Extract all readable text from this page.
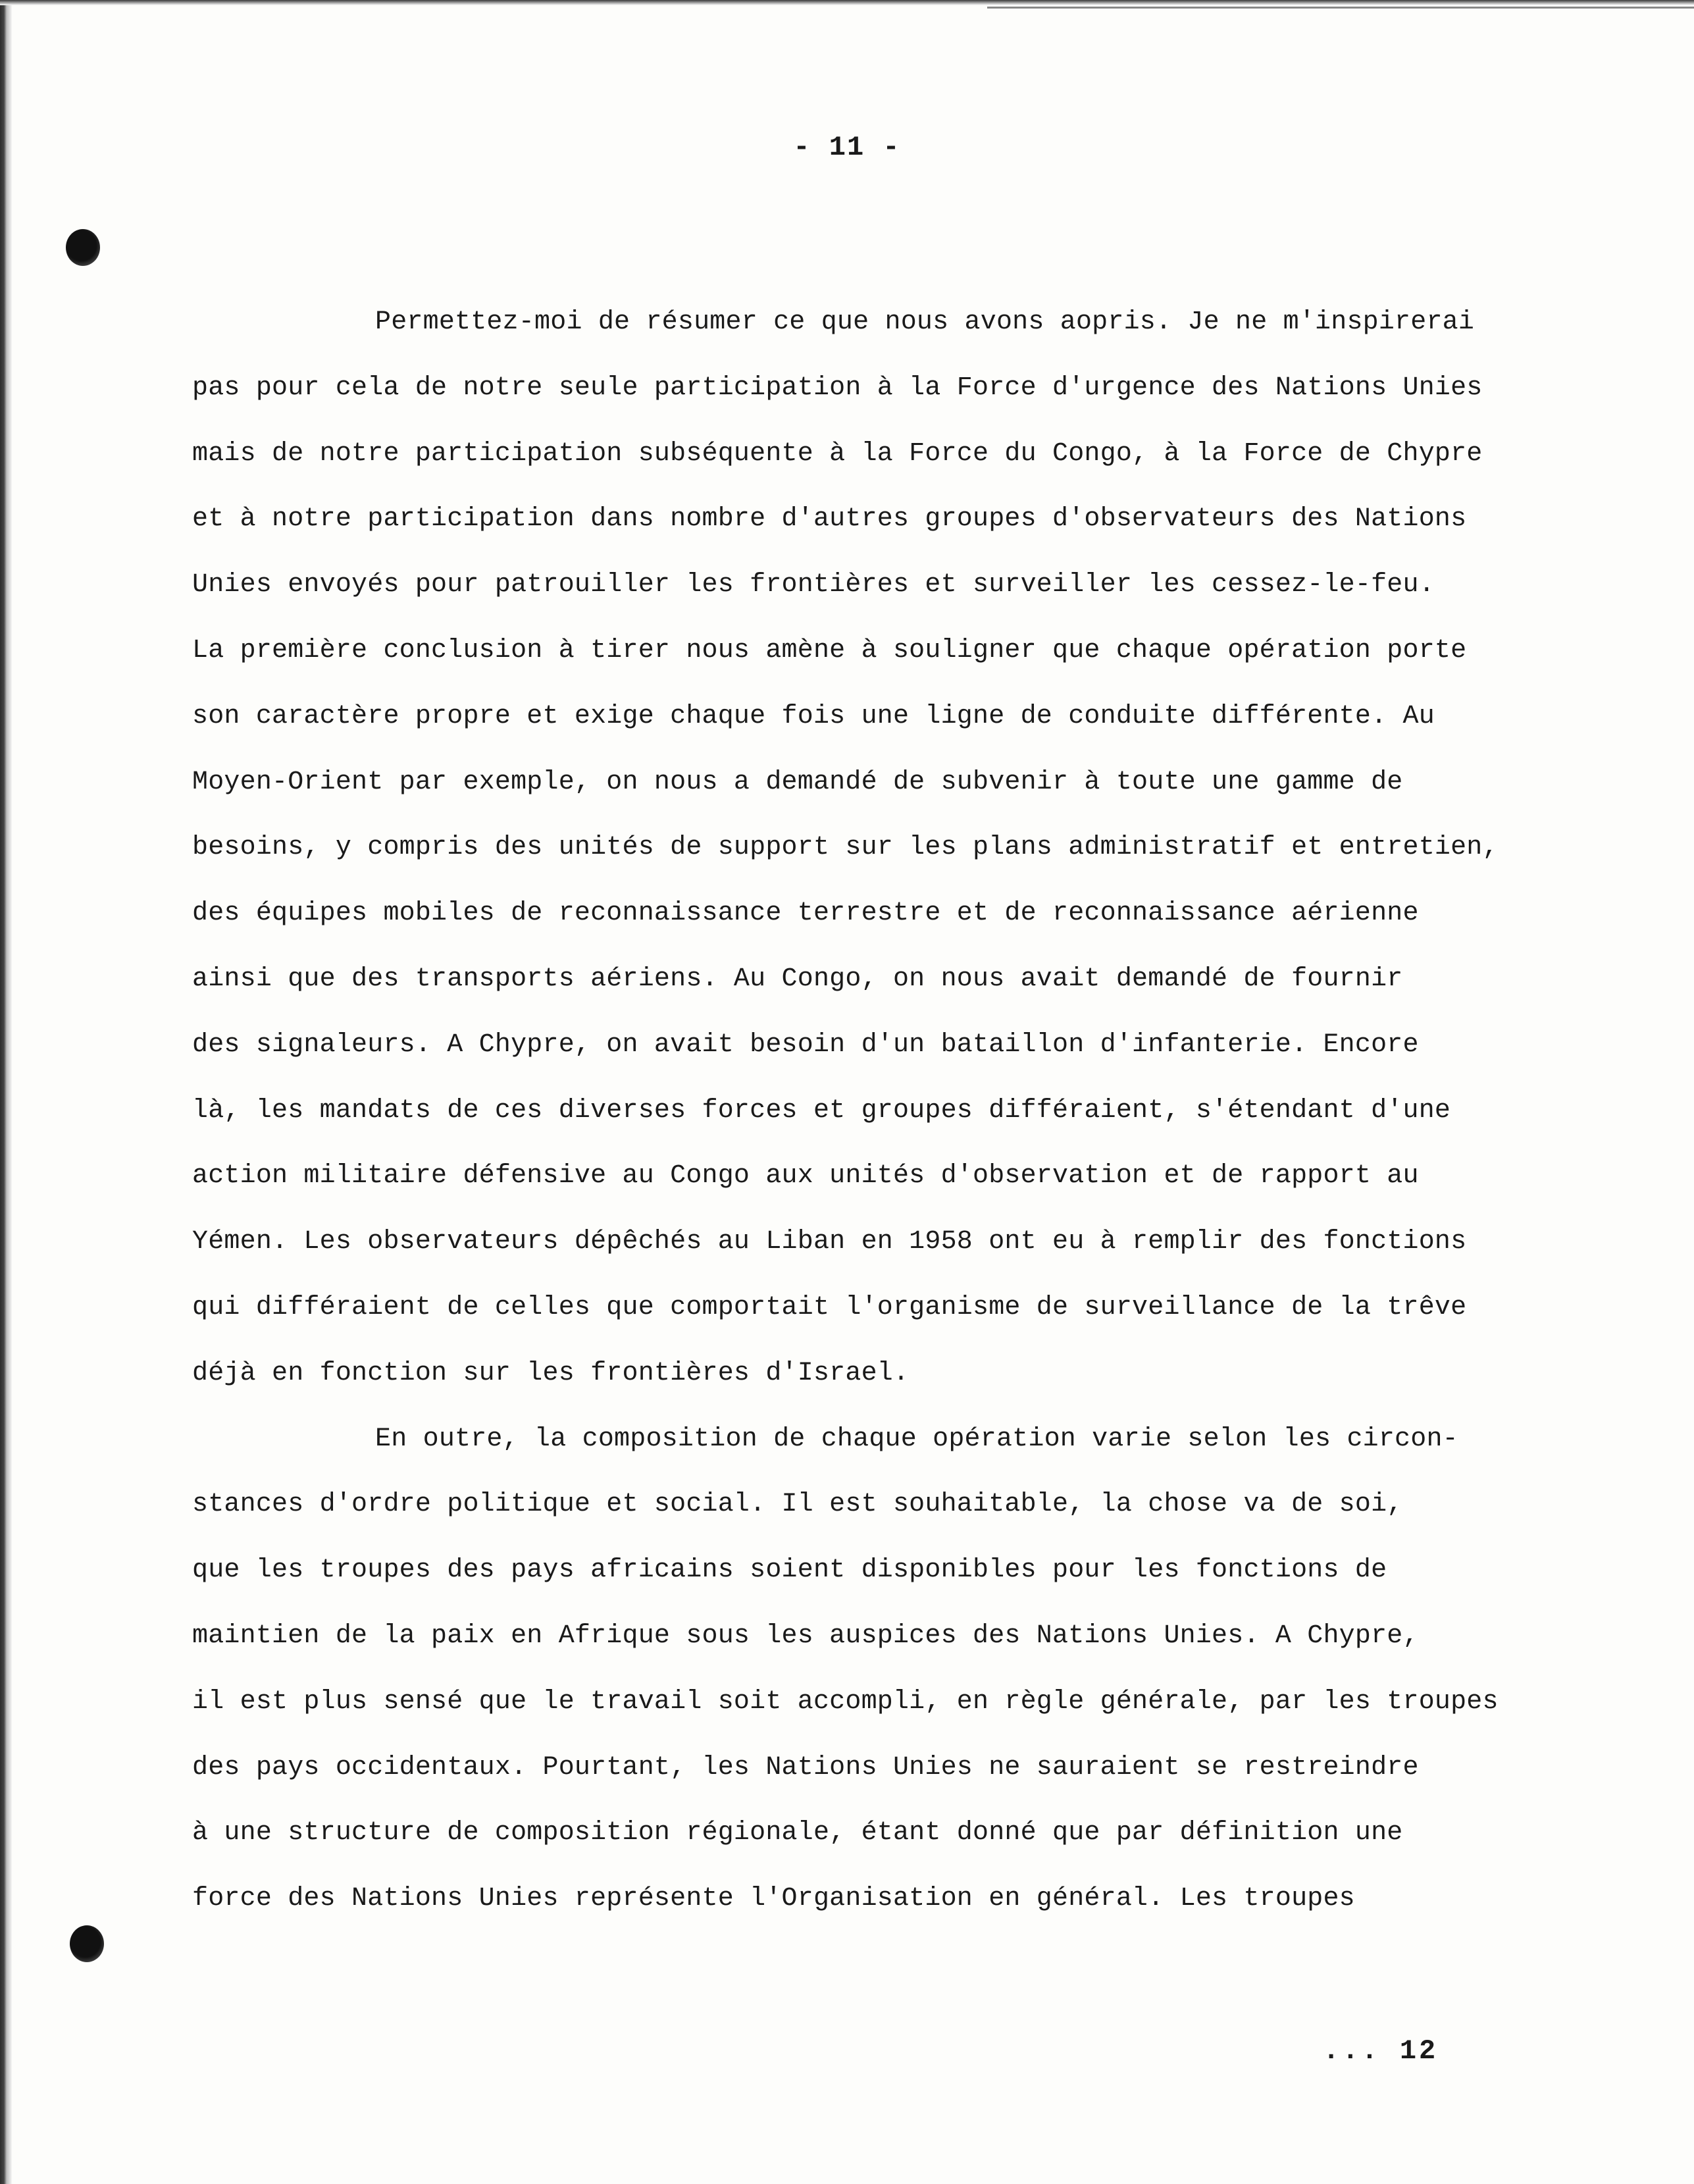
- 11 -
Permettez-moi de résumer ce que nous avons aopris. Je ne m'inspirerai
pas pour cela de notre seule participation à la Force d'urgence des Nations Unies
mais de notre participation subséquente à la Force du Congo, à la Force de Chypre
et à notre participation dans nombre d'autres groupes d'observateurs des Nations
Unies envoyés pour patrouiller les frontières et surveiller les cessez-le-feu.
La première conclusion à tirer nous amène à souligner que chaque opération porte
son caractère propre et exige chaque fois une ligne de conduite différente. Au
Moyen-Orient par exemple, on nous a demandé de subvenir à toute une gamme de
besoins, y compris des unités de support sur les plans administratif et entretien,
des équipes mobiles de reconnaissance terrestre et de reconnaissance aérienne
ainsi que des transports aériens. Au Congo, on nous avait demandé de fournir
des signaleurs. A Chypre, on avait besoin d'un bataillon d'infanterie. Encore
là, les mandats de ces diverses forces et groupes différaient, s'étendant d'une
action militaire défensive au Congo aux unités d'observation et de rapport au
Yémen. Les observateurs dépêchés au Liban en 1958 ont eu à remplir des fonctions
qui différaient de celles que comportait l'organisme de surveillance de la trêve
déjà en fonction sur les frontières d'Israel.
En outre, la composition de chaque opération varie selon les circon-
stances d'ordre politique et social. Il est souhaitable, la chose va de soi,
que les troupes des pays africains soient disponibles pour les fonctions de
maintien de la paix en Afrique sous les auspices des Nations Unies. A Chypre,
il est plus sensé que le travail soit accompli, en règle générale, par les troupes
des pays occidentaux. Pourtant, les Nations Unies ne sauraient se restreindre
à une structure de composition régionale, étant donné que par définition une
force des Nations Unies représente l'Organisation en général. Les troupes
... 12
